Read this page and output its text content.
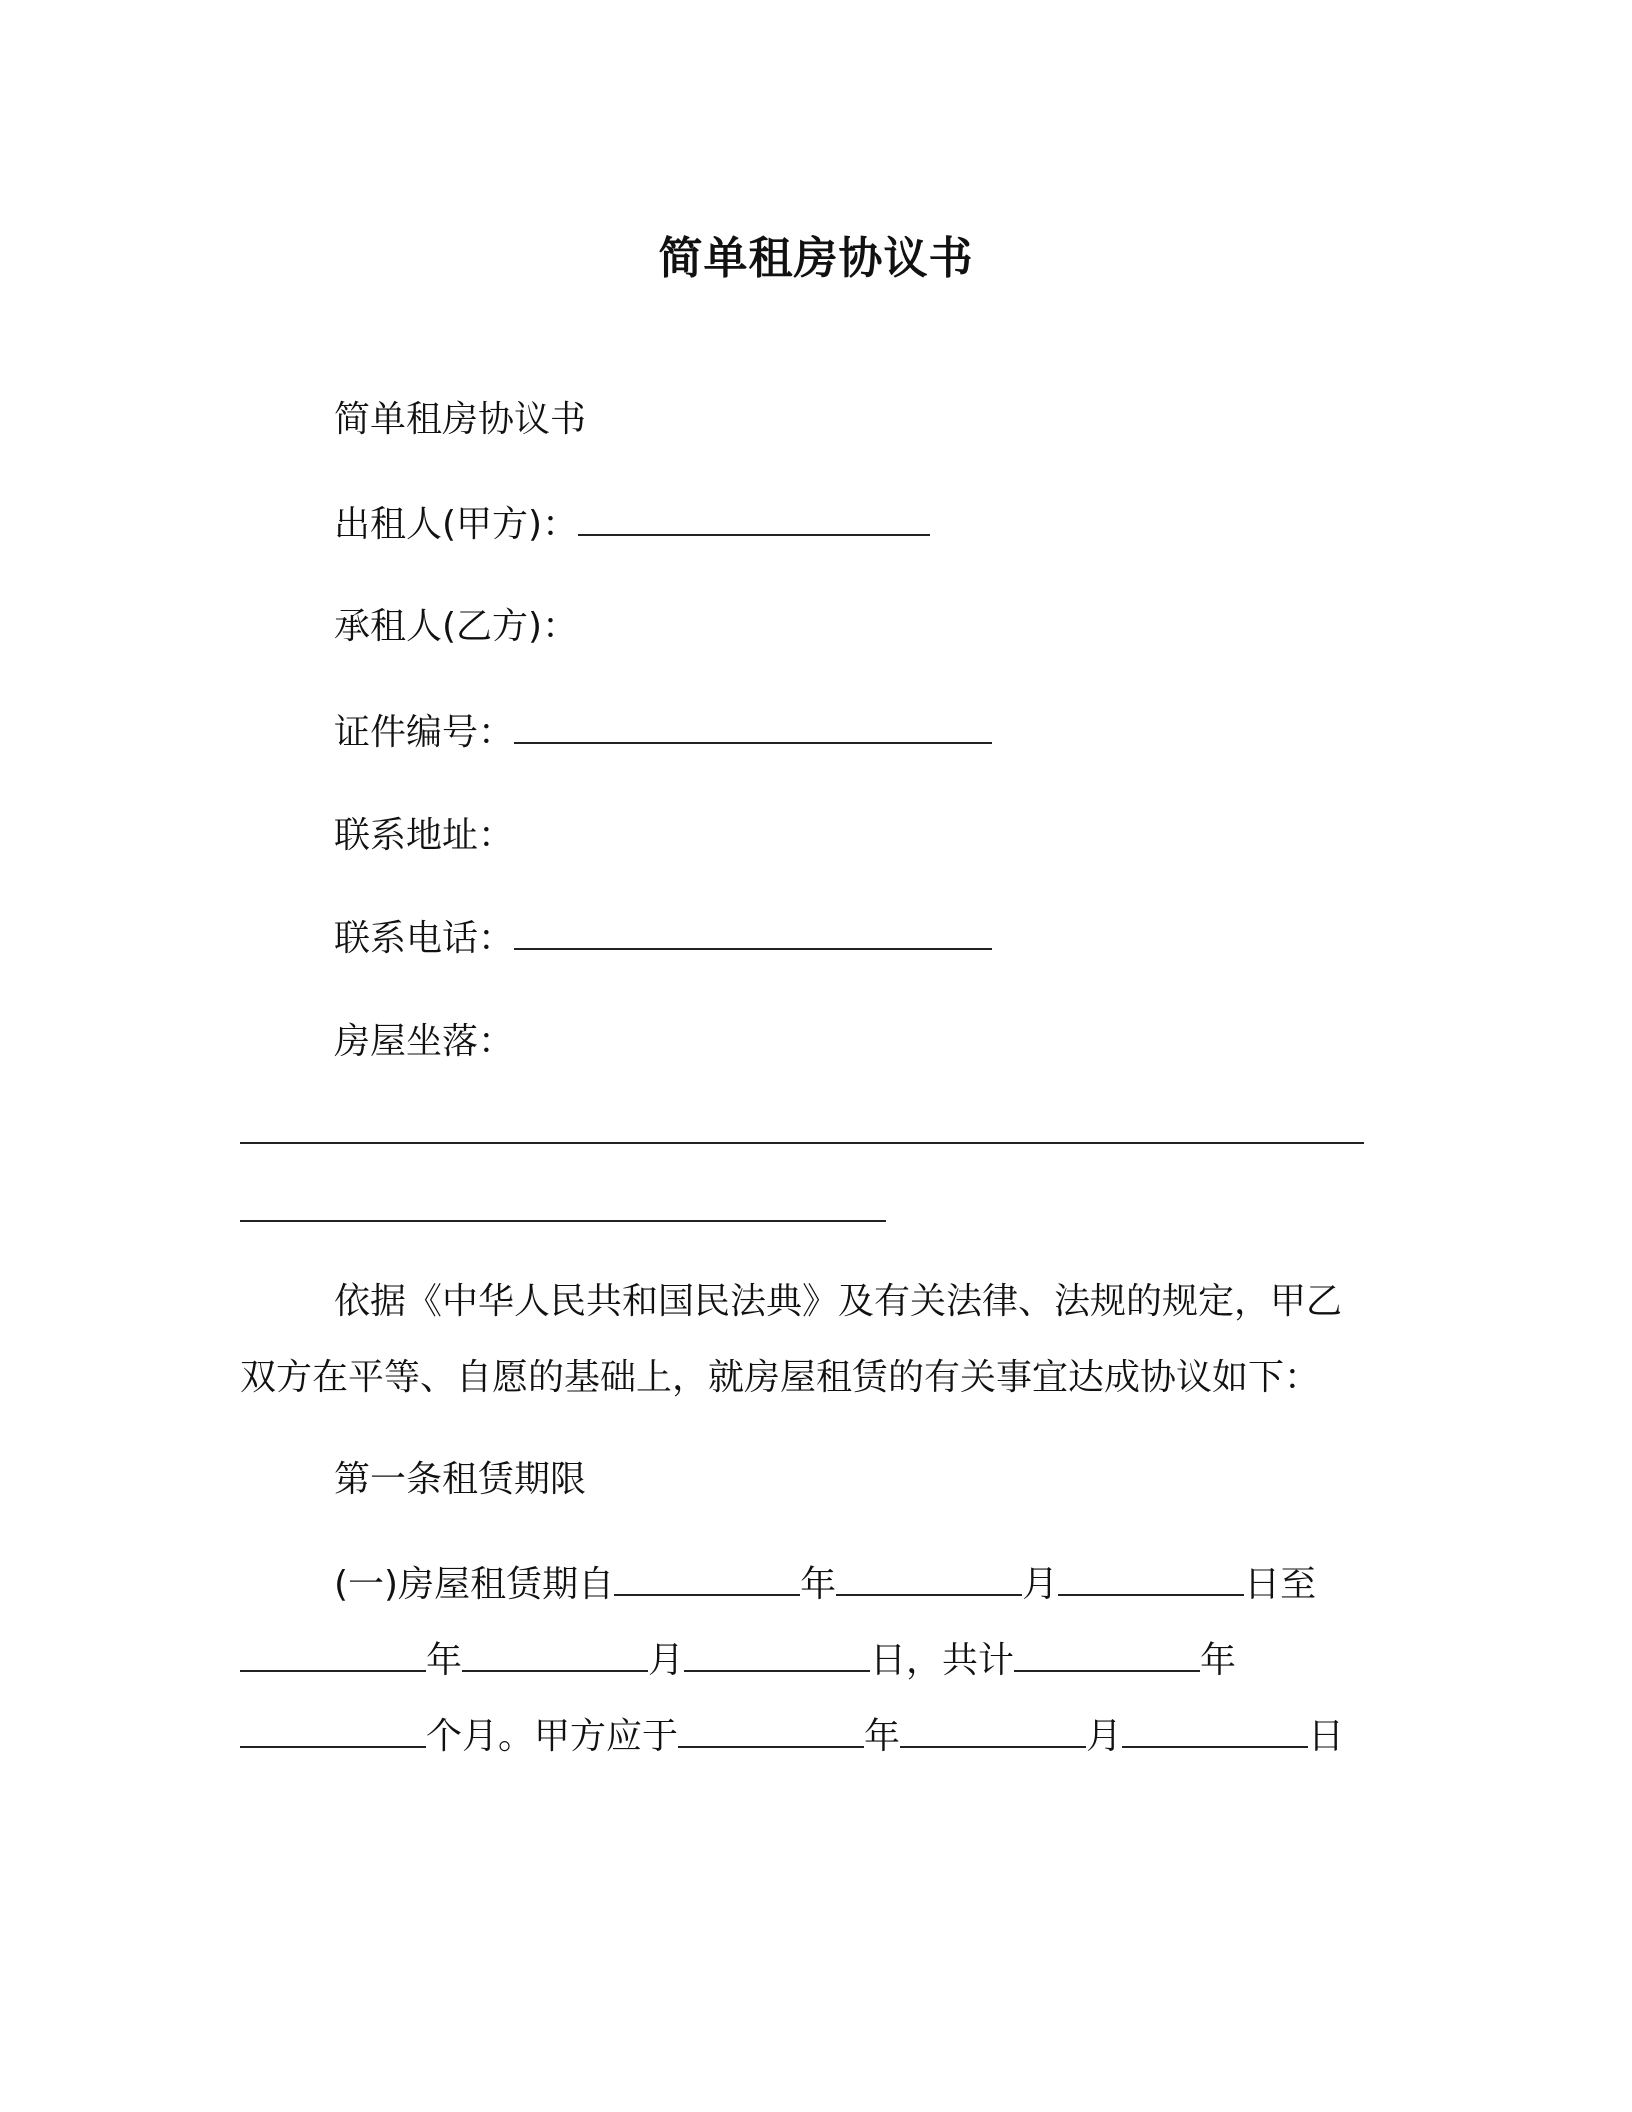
简单租房协议书
简单租房协议书
出租人(甲方)：
承租人(乙方)：
证件编号：
联系地址：
联系电话：
房屋坐落：
依据《中华人民共和国民法典》及有关法律、法规的规定，甲乙
双方在平等、自愿的基础上，就房屋租赁的有关事宜达成协议如下：
第一条租赁期限
(一)房屋租赁期自	年	月	日至
年	月	日，共计	年
个月。甲方应于	年	月	日
